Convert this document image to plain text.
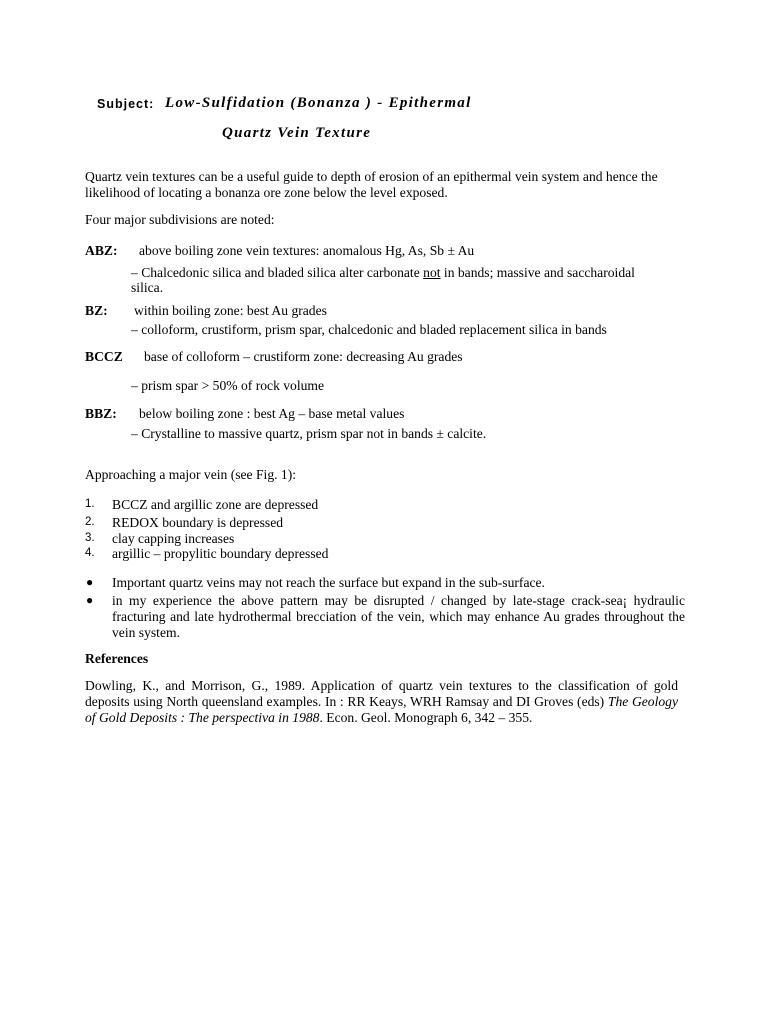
Subject: Low-Sulfidation (Bonanza ) - Epithermal
Quartz Vein Texture
Quartz vein textures can be a useful guide to depth of erosion of an epithermal vein system and hence the
likelihood of locating a bonanza ore zone below the level exposed.
Four major subdivisions are noted:
ABZ: above boiling zone vein textures: anomalous Hg, As, Sb ± Au
– Chalcedonic silica and bladed silica alter carbonate not in bands; massive and saccharoidal
silica.
BZ: within boiling zone: best Au grades
– colloform, crustiform, prism spar, chalcedonic and bladed replacement silica in bands
BCCZ base of colloform – crustiform zone: decreasing Au grades
– prism spar > 50% of rock volume
BBZ: below boiling zone : best Ag – base metal values
– Crystalline to massive quartz, prism spar not in bands ± calcite.
Approaching a major vein (see Fig. 1):
1. BCCZ and argillic zone are depressed
2. REDOX boundary is depressed
3. clay capping increases
4. argillic – propylitic boundary depressed
● Important quartz veins may not reach the surface but expand in the sub-surface.
● in my experience the above pattern may be disrupted / changed by late-stage crack-sea¡ hydraulic fracturing and late hydrothermal brecciation of the vein, which may enhance Au grades throughout the vein system.
References
Dowling, K., and Morrison, G., 1989. Application of quartz vein textures to the classification of gold deposits using North queensland examples. In : RR Keays, WRH Ramsay and DI Groves (eds) The Geology of Gold Deposits : The perspectiva in 1988. Econ. Geol. Monograph 6, 342 – 355.
